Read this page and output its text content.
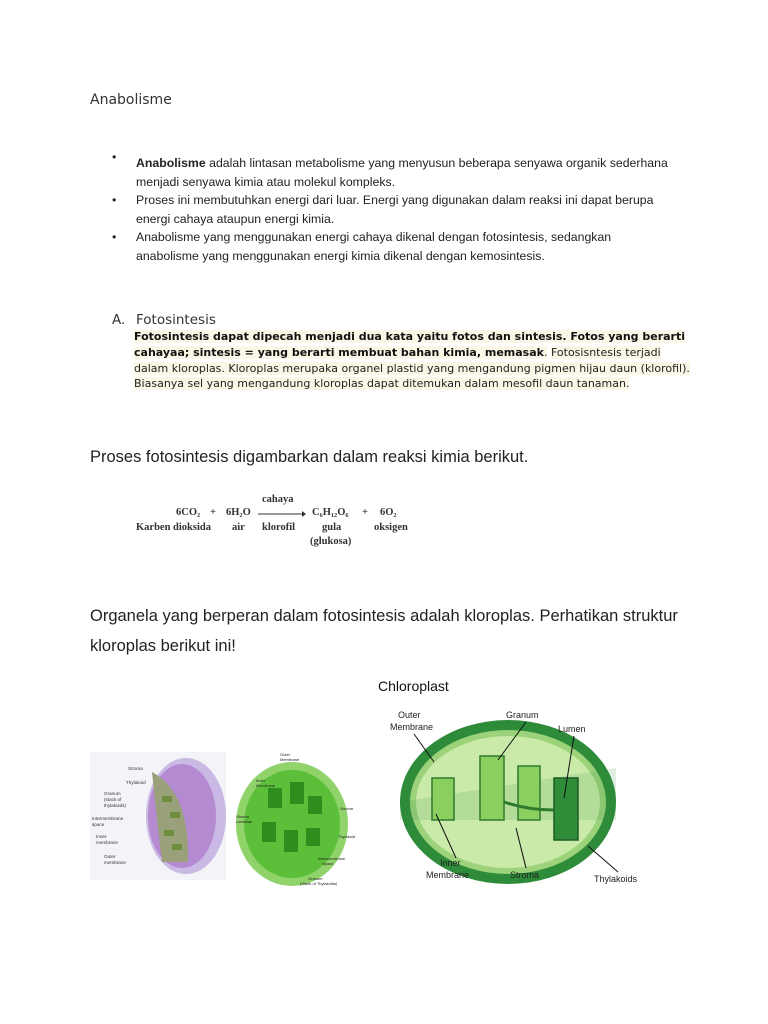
Anabolisme
• Anabolisme adalah lintasan metabolisme yang menyusun beberapa senyawa organik sederhana menjadi senyawa kimia atau molekul kompleks.
• Proses ini membutuhkan energi dari luar. Energi yang digunakan dalam reaksi ini dapat berupa energi cahaya ataupun energi kimia.
• Anabolisme yang menggunakan energi cahaya dikenal dengan fotosintesis, sedangkan anabolisme yang menggunakan energi kimia dikenal dengan kemosintesis.
A. Fotosintesis
Fotosintesis dapat dipecah menjadi dua kata yaitu fotos dan sintesis. Fotos yang berarti cahayaa; sintesis = yang berarti membuat bahan kimia, memasak. Fotosisntesis terjadi dalam kloroplas. Kloroplas merupaka organel plastid yang mengandung pigmen hijau daun (klorofil). Biasanya sel yang mengandung kloroplas dapat ditemukan dalam mesofil daun tanaman.
Proses fotosintesis digambarkan dalam reaksi kimia berikut.
6CO₂ + 6H₂O
cahaya
C₆H₁₂O₆ + 6O₂
Karben dioksida air klorofil	gula	oksigen
(glukosa)
Organela yang berperan dalam fotosintesis adalah kloroplas. Perhatikan struktur kloroplas berikut ini!
Stroma
Thylakoid
Granum
(stack of
thylakoids)
Intermembrane
space
Inner
membrane
Outer
membrane
Outer
Membrane
Inner
Membrane
Stroma
Lamellae
Stroma
Thylakoid
Intermembrane
Space
Granum
(Stack of Thylakoids)
Chloroplast
Outer
Membrane
Granum
Lumen
Inner
Membrane	Stroma	Thylakoids
